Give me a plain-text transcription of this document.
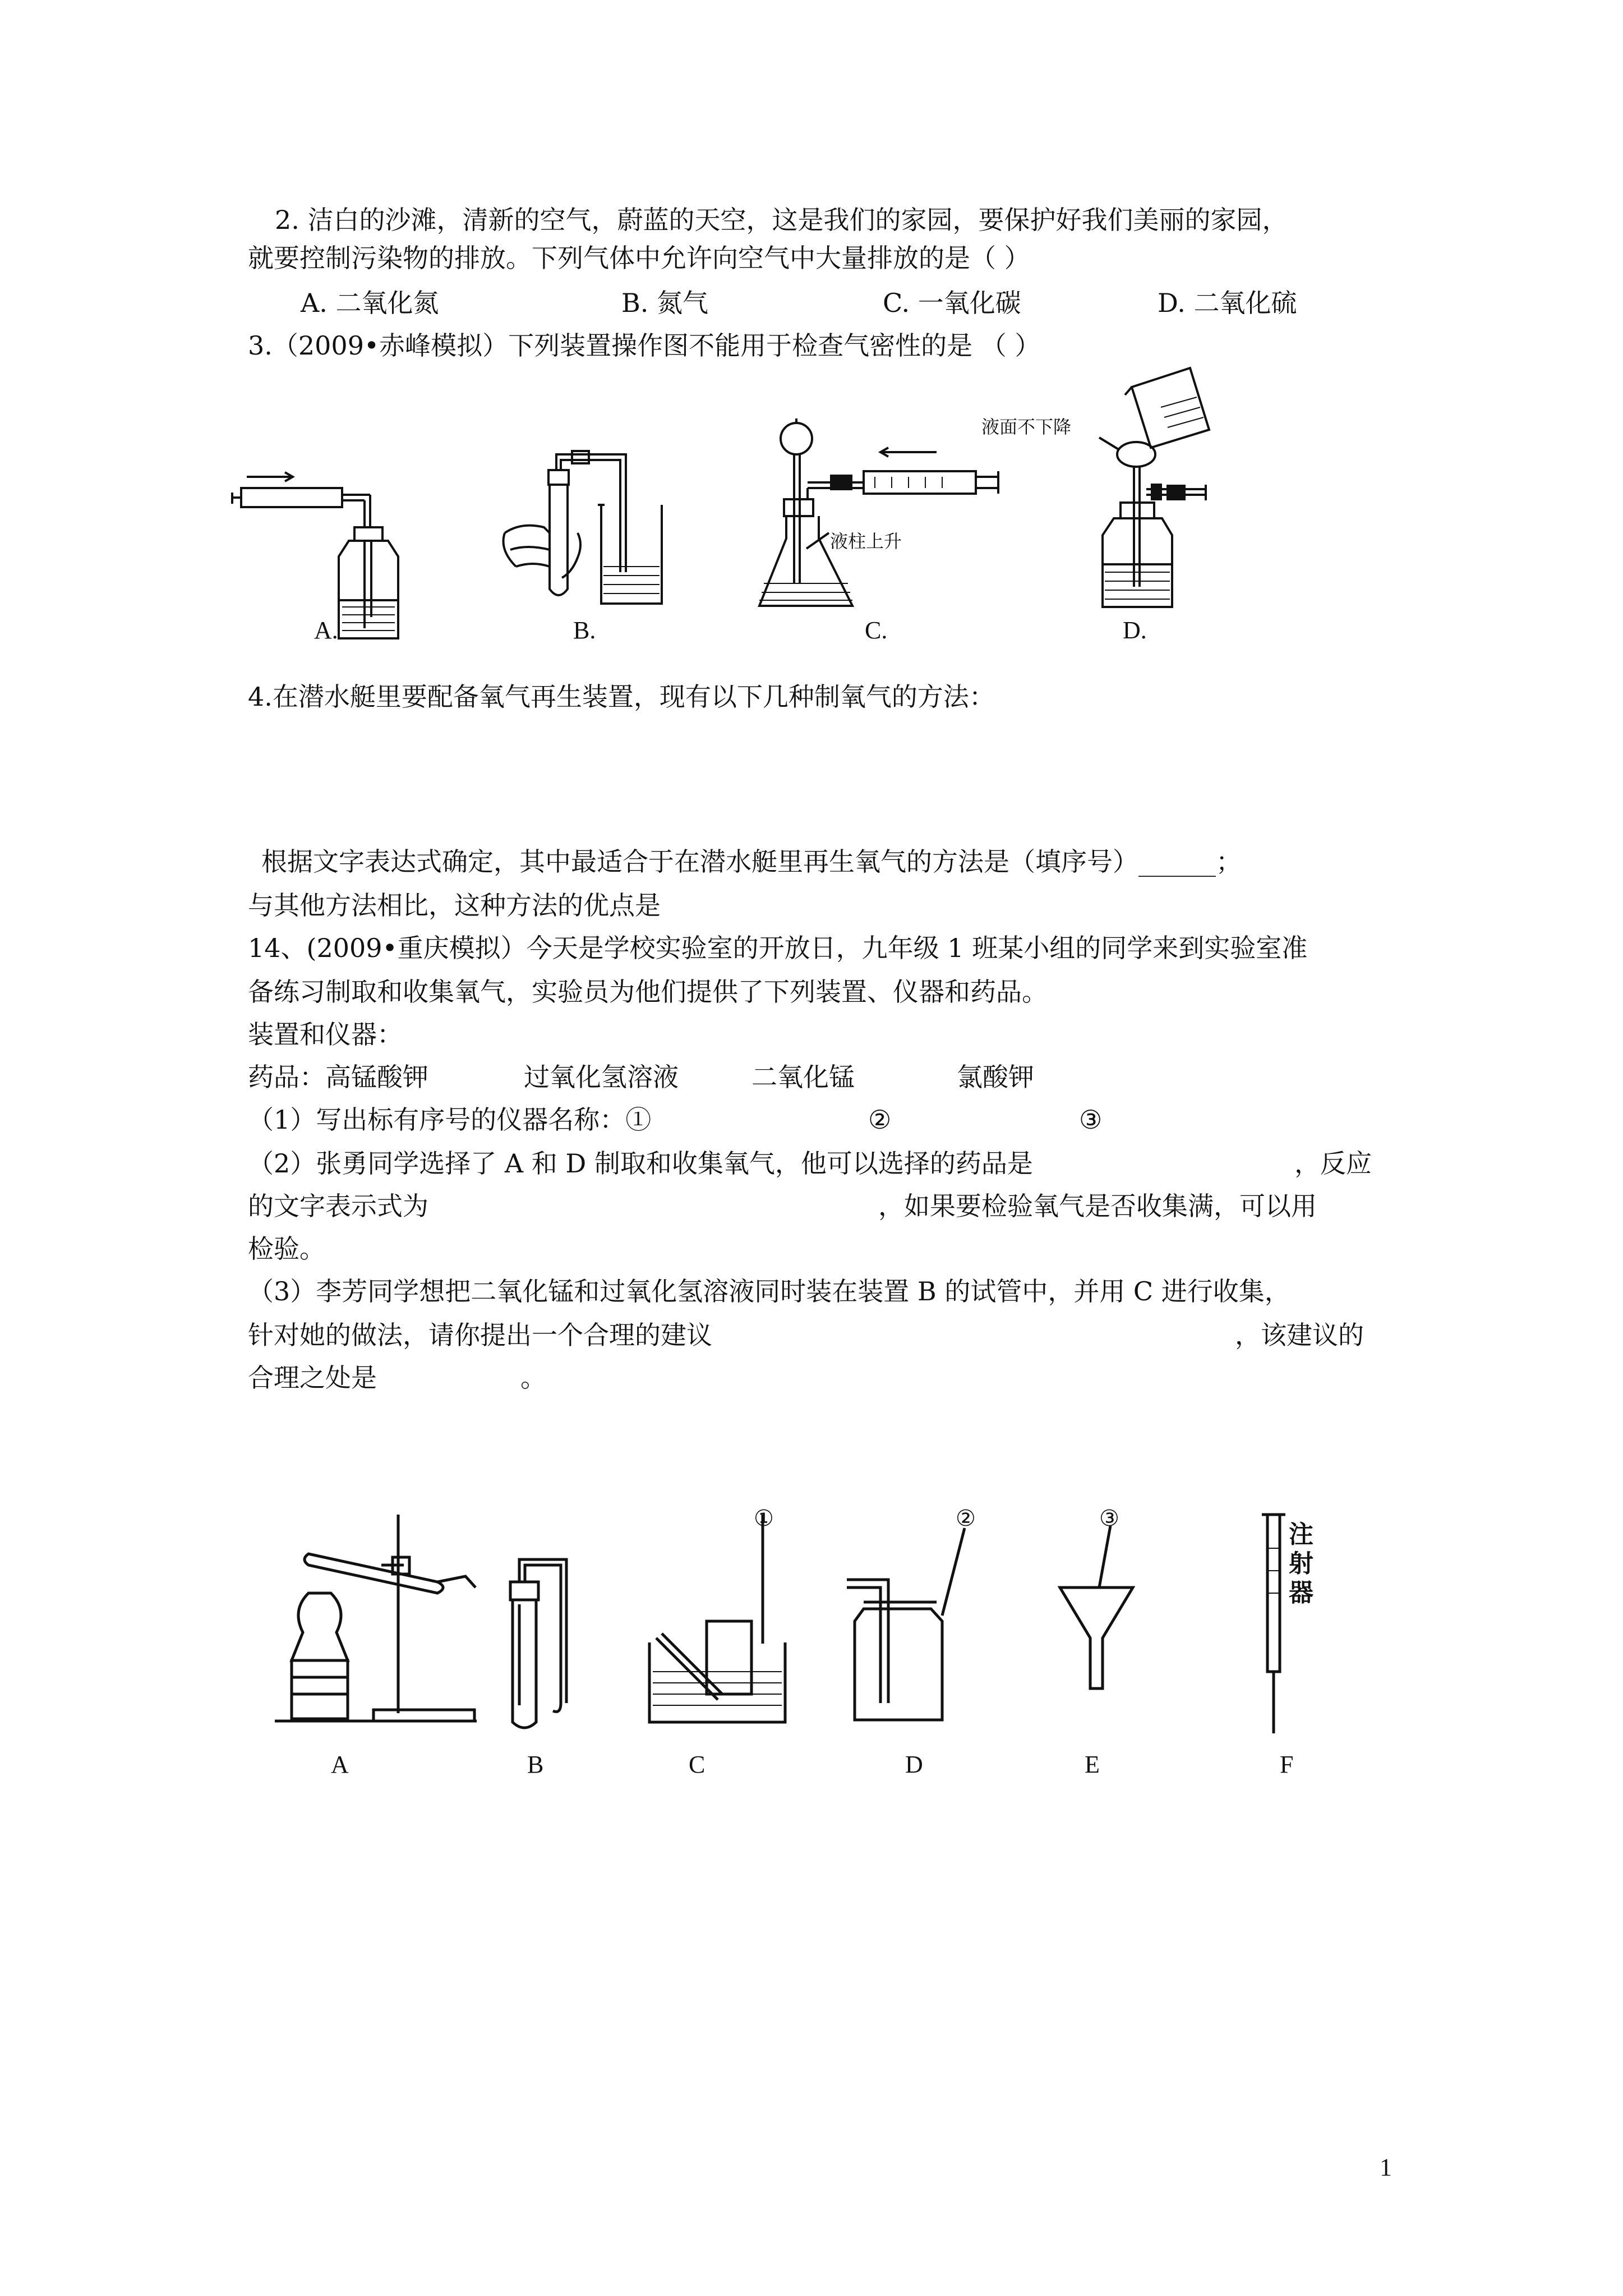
2. 洁白的沙滩，清新的空气，蔚蓝的天空，这是我们的家园，要保护好我们美丽的家园，
就要控制污染物的排放。下列气体中允许向空气中大量排放的是（ ）
A. 二氧化氮	B. 氮气	C. 一氧化碳	D. 二氧化硫
3.（2009•赤峰模拟）下列装置操作图不能用于检查气密性的是 （ ）
A.	B.
液柱上升
C.
液面不下降
D.
4.在潜水艇里要配备氧气再生装置，现有以下几种制氧气的方法：
根据文字表达式确定，其中最适合于在潜水艇里再生氧气的方法是（填序号）______；
与其他方法相比，这种方法的优点是
14、(2009•重庆模拟）今天是学校实验室的开放日，九年级 1 班某小组的同学来到实验室准
备练习制取和收集氧气，实验员为他们提供了下列装置、仪器和药品。
装置和仪器：
药品： 高锰酸钾	过氧化氢溶液	二氧化锰	氯酸钾
（1）写出标有序号的仪器名称：①	②	③
（2）张勇同学选择了 A 和 D 制取和收集氧气，他可以选择的药品是	，反应
的文字表示式为	，如果要检验氧气是否收集满，可以用
检验。
（3）李芳同学想把二氧化锰和过氧化氢溶液同时装在装置 B 的试管中，并用 C 进行收集，
针对她的做法，请你提出一个合理的建议	，该建议的
合理之处是	。
①	②	③
注
射
器
A	B	C	D	E	F
1
